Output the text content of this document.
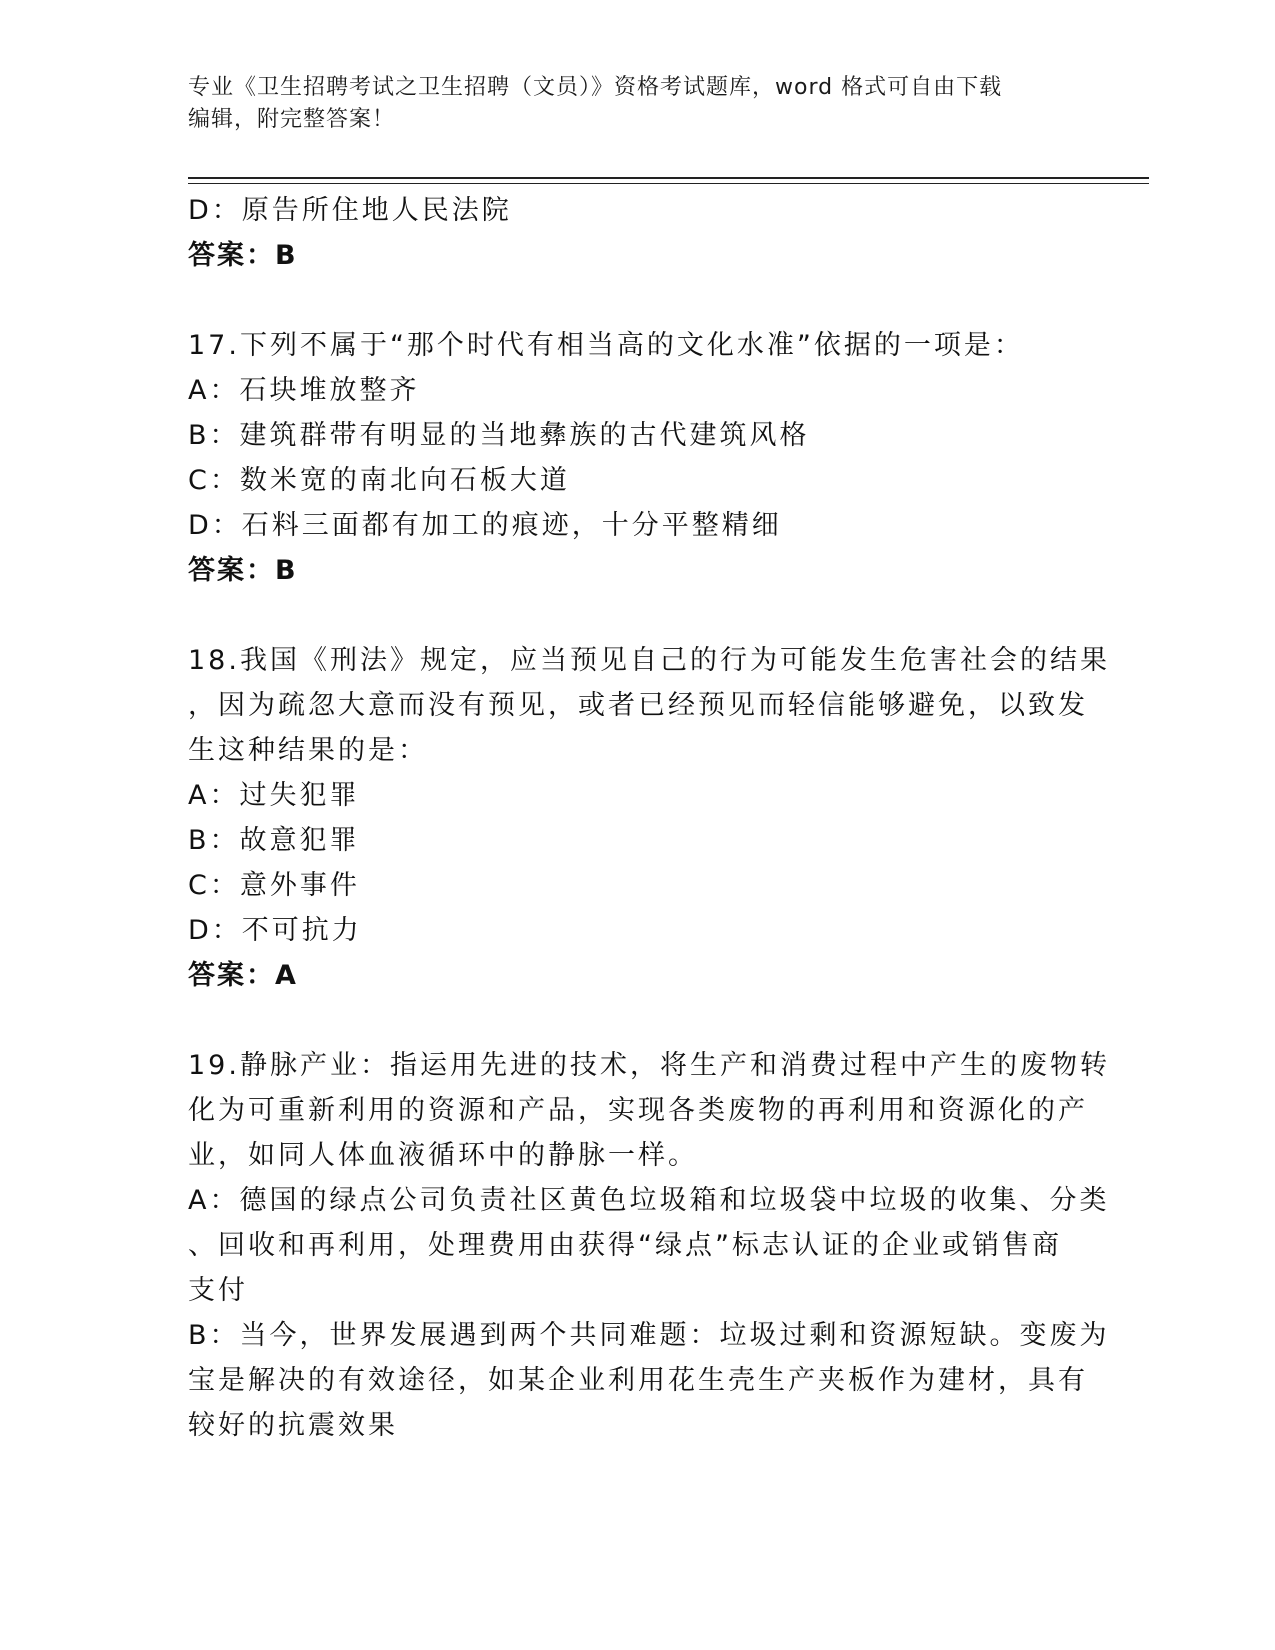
专业《卫生招聘考试之卫生招聘（文员）》资格考试题库，word 格式可自由下载
编辑，附完整答案！
D：原告所住地人民法院
答案：B
17.下列不属于“那个时代有相当高的文化水准”依据的一项是：
A：石块堆放整齐
B：建筑群带有明显的当地彝族的古代建筑风格
C：数米宽的南北向石板大道
D：石料三面都有加工的痕迹，十分平整精细
答案：B
18.我国《刑法》规定，应当预见自己的行为可能发生危害社会的结果
，因为疏忽大意而没有预见，或者已经预见而轻信能够避免，以致发
生这种结果的是：
A：过失犯罪
B：故意犯罪
C：意外事件
D：不可抗力
答案：A
19.静脉产业：指运用先进的技术，将生产和消费过程中产生的废物转
化为可重新利用的资源和产品，实现各类废物的再利用和资源化的产
业，如同人体血液循环中的静脉一样。
A：德国的绿点公司负责社区黄色垃圾箱和垃圾袋中垃圾的收集、分类
、回收和再利用，处理费用由获得“绿点”标志认证的企业或销售商
支付
B：当今，世界发展遇到两个共同难题：垃圾过剩和资源短缺。变废为
宝是解决的有效途径，如某企业利用花生壳生产夹板作为建材，具有
较好的抗震效果
